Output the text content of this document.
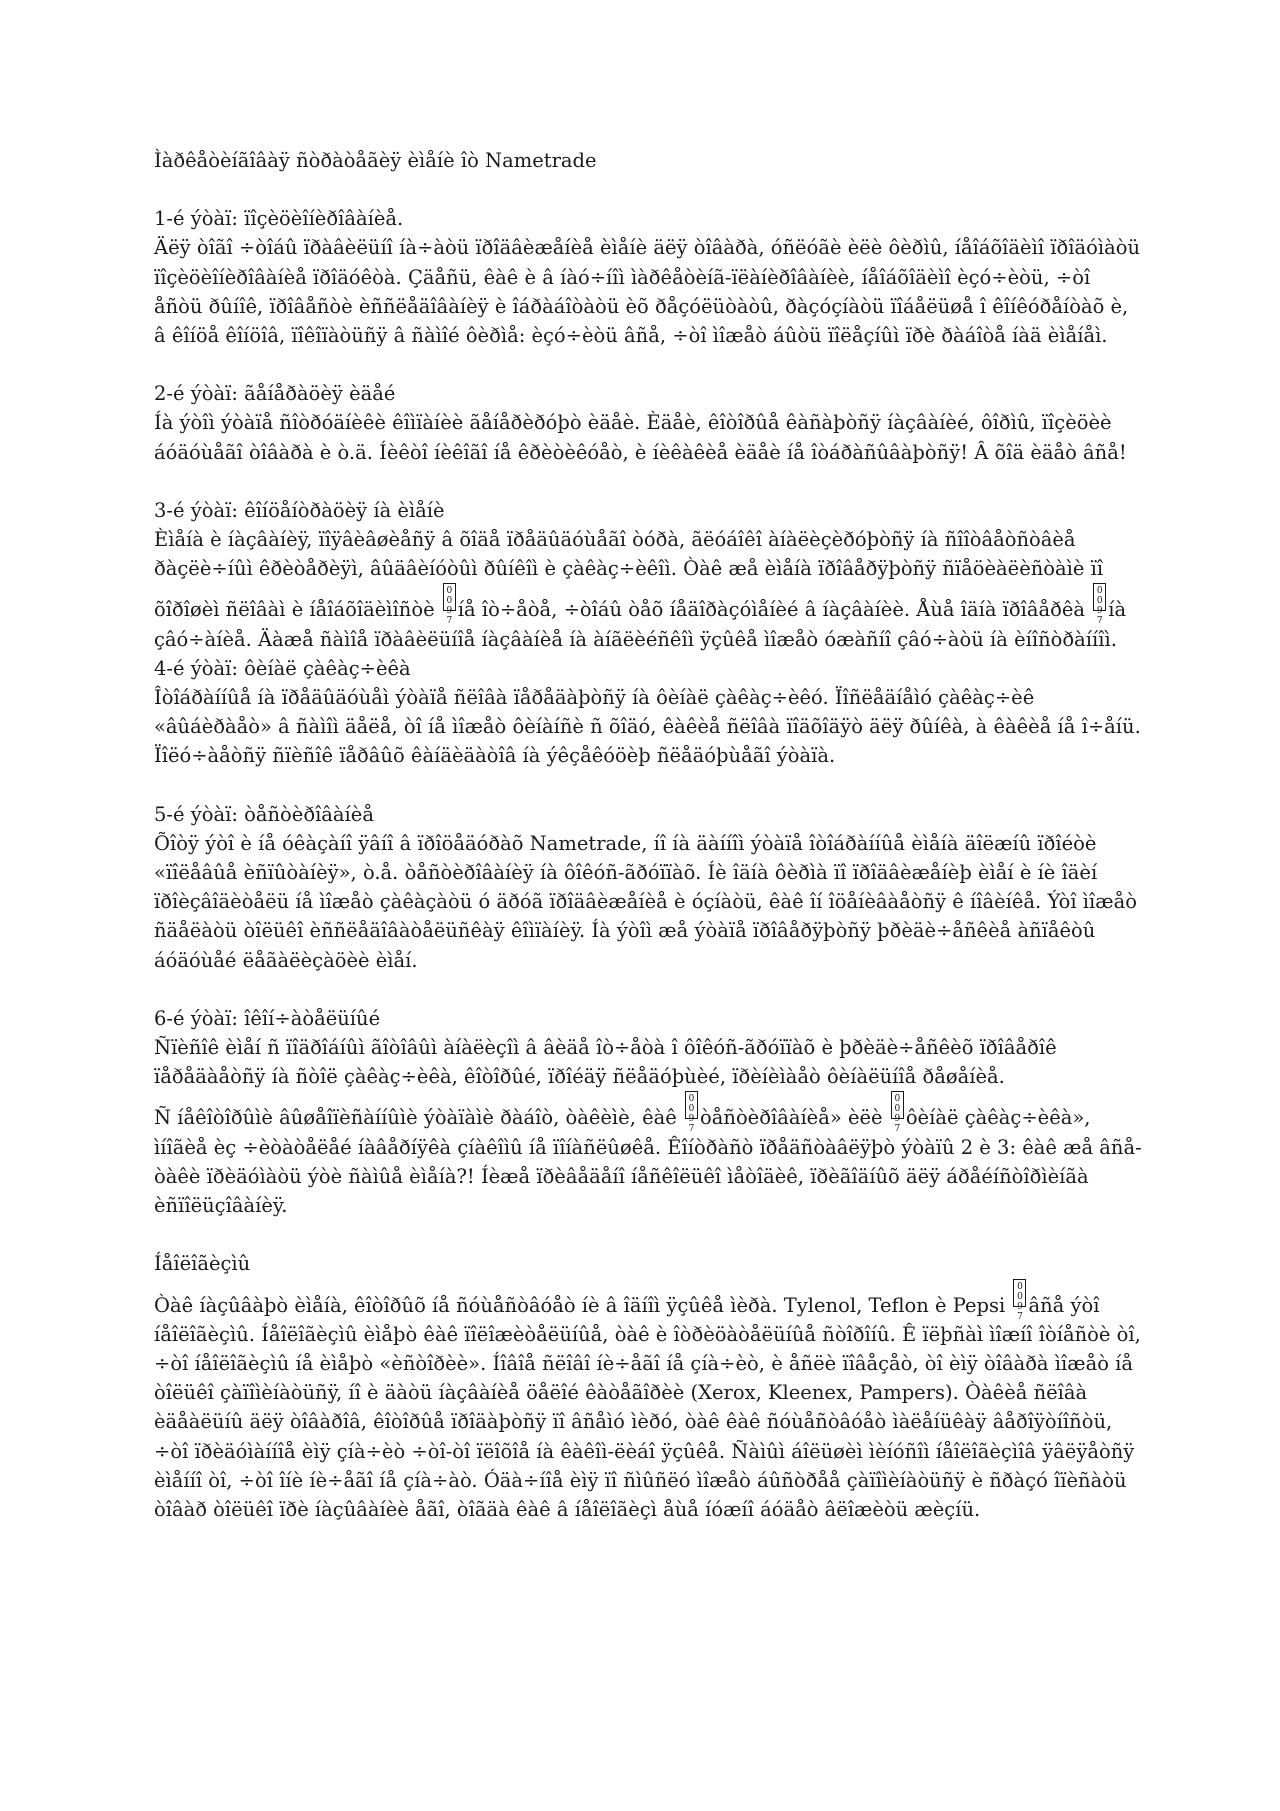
Ìàðêåòèíãîâàÿ ñòðàòåãèÿ èìåíè îò Nametrade
1-é ýòàï: ïîçèöèîíèðîâàíèå.

Äëÿ òîãî ÷òîáû ïðàâèëüíî íà÷àòü ïðîäâèæåíèå èìåíè äëÿ òîâàðà, óñëóãè èëè ôèðìû, íåîáõîäèìî ïðîäóìàòü ïîçèöèîíèðîâàíèå ïðîäóêòà. Çäåñü, êàê è â íàó÷íîì ìàðêåòèíã-ïëàíèðîâàíèè, íåîáõîäèìî èçó÷èòü, ÷òî åñòü ðûíîê, ïðîâåñòè èññëåäîâàíèÿ è îáðàáîòàòü èõ ðåçóëüòàòû, ðàçóçíàòü ïîáåëüøå î êîíêóðåíòàõ è, â êîíöå êîíöîâ, ïîêîïàòüñÿ â ñàìîé ôèðìå: èçó÷èòü âñå, ÷òî ìîæåò áûòü ïîëåçíûì ïðè ðàáîòå íàä èìåíåì.

2-é ýòàï: ãåíåðàöèÿ èäåé

Íà ýòîì ýòàïå ñîòðóäíèêè êîìïàíèè ãåíåðèðóþò èäåè. Èäåè, êîòîðûå êàñàþòñÿ íàçâàíèé, ôîðìû, ïîçèöèè áóäóùåãî òîâàðà è ò.ä. Íèêòî íèêîãî íå êðèòèêóåò, è íèêàêèå èäåè íå îòáðàñûâàþòñÿ! Â õîä èäåò âñå!

3-é ýòàï: êîíöåíòðàöèÿ íà èìåíè

Èìåíà è íàçâàíèÿ, ïîÿâèâøèåñÿ â õîäå ïðåäûäóùåãî òóðà, ãëóáîêî àíàëèçèðóþòñÿ íà ñîîòâåòñòâèå ðàçëè÷íûì êðèòåðèÿì, âûäâèíóòûì ðûíêîì è çàêàç÷èêîì. Òàê æå èìåíà ïðîâåðÿþòñÿ ñïåöèàëèñòàìè ïî õîðîøèì ñëîâàì è íåîáõîäèìîñòè 0097 íå îò÷åòå, ÷òîáû òåõ íåäîðàçóìåíèé â íàçâàíèè. Åùå îäíà ïðîâåðêà 0097 íà çâó÷àíèå. Äàæå ñàìîå ïðàâèëüíîå íàçâàíèå íà àíãëèéñêîì ÿçûêå ìîæåò óæàñíî çâó÷àòü íà èíîñòðàííîì.

4-é ýòàï: ôèíàë çàêàç÷èêà

Îòîáðàííûå íà ïðåäûäóùåì ýòàïå ñëîâà ïåðåäàþòñÿ íà ôèíàë çàêàç÷èêó. Ïîñëåäíåìó çàêàç÷èê «âûáèðàåò» â ñàìîì äåëå, òî íå ìîæåò ôèíàíñè ñ õîäó, êàêèå ñëîâà ïîäõîäÿò äëÿ ðûíêà, à êàêèå íå î÷åíü. Ïîëó÷àåòñÿ ñïèñîê ïåðâûõ êàíäèäàòîâ íà ýêçåêóöèþ ñëåäóþùåãî ýòàïà.

5-é ýòàï: òåñòèðîâàíèå

Õîòÿ ýòî è íå óêàçàíî ÿâíî â ïðîöåäóðàõ Nametrade, íî íà äàííîì ýòàïå îòîáðàííûå èìåíà äîëæíû ïðîéòè «ïîëåâûå èñïûòàíèÿ», ò.å. òåñòèðîâàíèÿ íà ôîêóñ-ãðóïïàõ. Íè îäíà ôèðìà ïî ïðîäâèæåíèþ èìåí è íè îäèí ïðîèçâîäèòåëü íå ìîæåò çàêàçàòü ó äðóã ïðîäâèæåíèå è óçíàòü, êàê îí îöåíèâàåòñÿ ê íîâèíêå. Ýòî ìîæåò ñäåëàòü òîëüêî èññëåäîâàòåëüñêàÿ êîìïàíèÿ. Íà ýòîì æå ýòàïå ïðîâåðÿþòñÿ þðèäè÷åñêèå àñïåêòû áóäóùåé ëåãàëèçàöèè èìåí.

6-é ýòàï: îêîí÷àòåëüíûé

Ñïèñîê èìåí ñ ïîäðîáíûì ãîòîâûì àíàëèçîì â âèäå îò÷åòà î ôîêóñ-ãðóïïàõ è þðèäè÷åñêèõ ïðîâåðîê ïåðåäàåòñÿ íà ñòîë çàêàç÷èêà, êîòîðûé, ïðîéäÿ ñëåäóþùèé, ïðèíèìàåò ôèíàëüíîå ðåøåíèå.

Ñ íåêîòîðûìè âûøåîïèñàííûìè ýòàïàìè ðàáîò, òàêèìè, êàê 0097 òåñòèðîâàíèå» èëè 0097 ôèíàë çàêàç÷èêà», ìíîãèå èç ÷èòàòåëåé íàâåðíÿêà çíàêîìû íå ïîíàñëûøêå. Êîíòðàñò ïðåäñòàâëÿþò ýòàïû 2 è 3: êàê æå âñå-òàêè ïðèäóìàòü ýòè ñàìûå èìåíà?! Íèæå ïðèâåäåíî íåñêîëüêî ìåòîäèê, ïðèãîäíûõ äëÿ áðåéíñòîðìèíãà èñïîëüçîâàíèÿ.

Íåîëîãèçìû

Òàê íàçûâàþò èìåíà, êîòîðûõ íå ñóùåñòâóåò íè â îäíîì ÿçûêå ìèðà. Tylenol, Teflon è Pepsi 0097 âñå ýòî íåîëîãèçìû. Íåîëîãèçìû èìåþò êàê ïîëîæèòåëüíûå, òàê è îòðèöàòåëüíûå ñòîðîíû. Ê ïëþñàì ìîæíî îòíåñòè òî, ÷òî íåîëîãèçìû íå èìåþò «èñòîðèè». Íîâîå ñëîâî íè÷åãî íå çíà÷èò, è åñëè ïîâåçåò, òî èìÿ òîâàðà ìîæåò íå òîëüêî çàïîìèíàòüñÿ, íî è äàòü íàçâàíèå öåëîé êàòåãîðèè (Xerox, Kleenex, Pampers). Òàêèå ñëîâà èäåàëüíû äëÿ òîâàðîâ, êîòîðûå ïðîäàþòñÿ ïî âñåìó ìèðó, òàê êàê ñóùåñòâóåò ìàëåíüêàÿ âåðîÿòíîñòü, ÷òî ïðèäóìàííîå èìÿ çíà÷èò ÷òî-òî ïëîõîå íà êàêîì-ëèáî ÿçûêå. Ñàìûì áîëüøèì ìèíóñîì íåîëîãèçìîâ ÿâëÿåòñÿ èìåííî òî, ÷òî îíè íè÷åãî íå çíà÷àò. Óäà÷íîå èìÿ ïî ñìûñëó ìîæåò áûñòðåå çàïîìèíàòüñÿ è ñðàçó îïèñàòü òîâàð òîëüêî ïðè íàçûâàíèè åãî, òîãäà êàê â íåîëîãèçì åùå íóæíî áóäåò âëîæèòü æèçíü.
